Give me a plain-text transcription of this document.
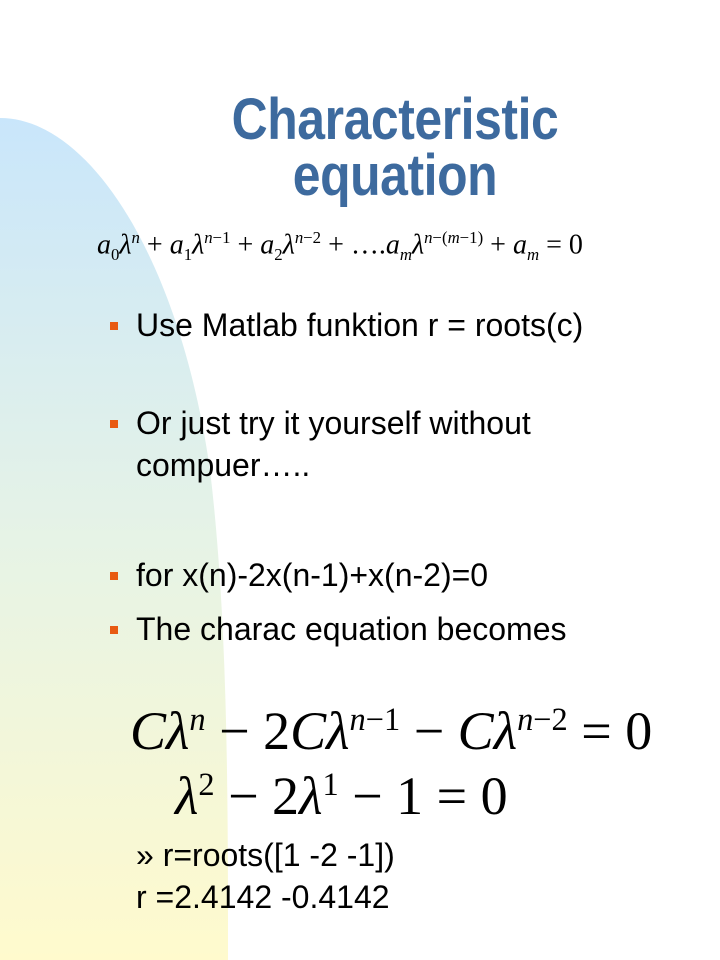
Characteristic
equation
$a_0\lambda^n + a_1\lambda^{n-1} + a_2\lambda^{n-2}$ + $\dots.a_m\lambda^{n-(m-1)} + a_m = 0$
Use Matlab funktion r = roots(c)
Or just try it yourself without compuer…..
for x(n)-2x(n-1)+x(n-2)=0
The charac equation becomes
$C\lambda^n - 2C\lambda^{n-1} - C\lambda^{n-2} = 0$
$\lambda^2 - 2\lambda^1 - 1 = 0$
» r=roots([1 -2 -1])
r =2.4142 -0.4142
